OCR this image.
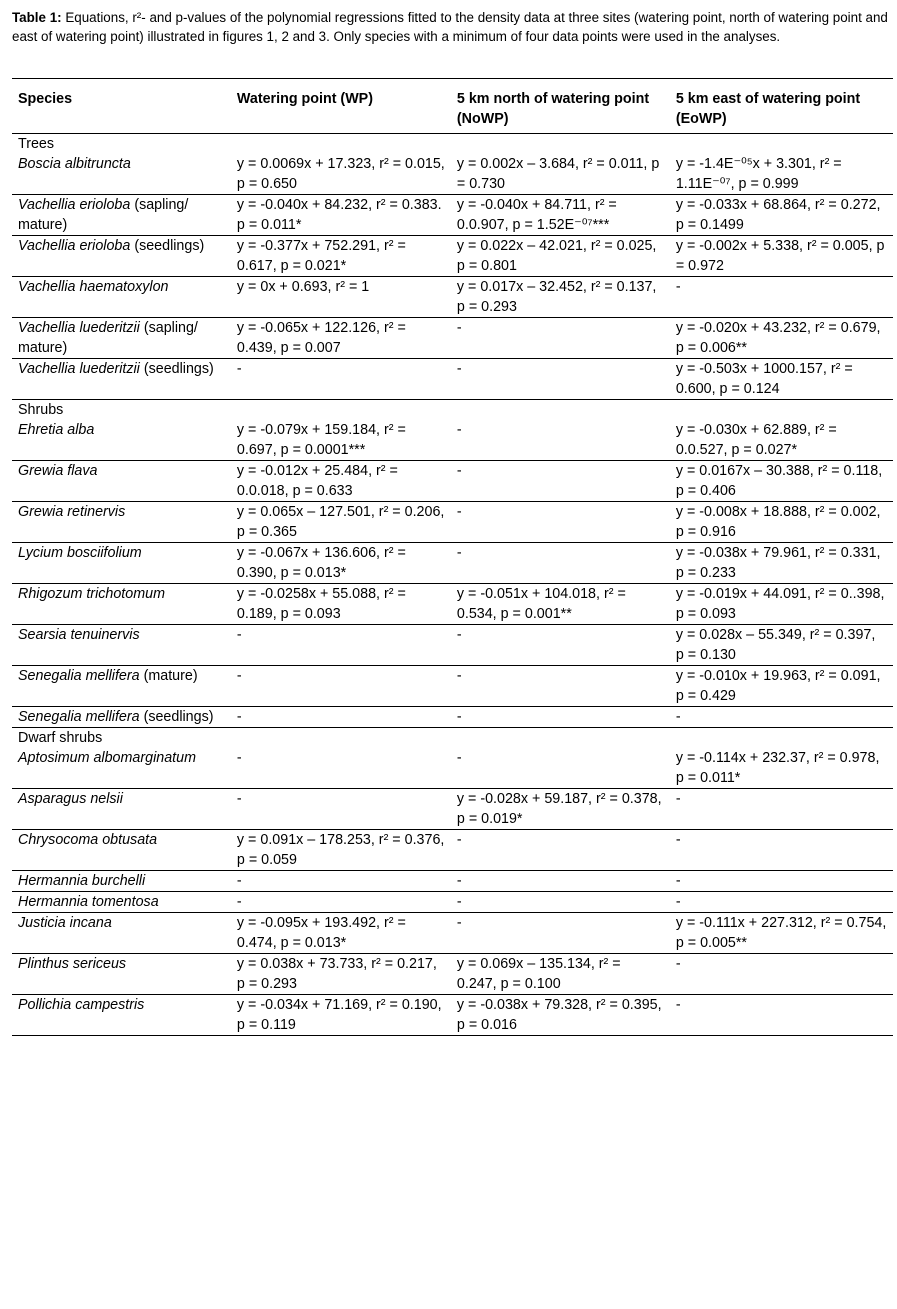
Table 1: Equations, r²- and p-values of the polynomial regressions fitted to the density data at three sites (watering point, north of watering point and east of watering point) illustrated in figures 1, 2 and 3. Only species with a minimum of four data points were used in the analyses.
Species	Watering point (WP)	5 km north of watering point (NoWP)	5 km east of watering point (EoWP)
Trees			
Boscia albitruncta	y = 0.0069x + 17.323, r² = 0.015, p = 0.650	y = 0.002x – 3.684, r² = 0.011, p = 0.730	y = -1.4E⁻⁰⁵x + 3.301, r² = 1.11E⁻⁰⁷, p = 0.999
Vachellia erioloba (sapling/ mature)	y = -0.040x + 84.232, r² = 0.383. p = 0.011*	y = -0.040x + 84.711, r² = 0.0.907, p = 1.52E⁻⁰⁷***	y = -0.033x + 68.864, r² = 0.272, p = 0.1499
Vachellia erioloba (seedlings)	y = -0.377x + 752.291, r² = 0.617, p = 0.021*	y = 0.022x – 42.021, r² = 0.025, p = 0.801	y = -0.002x + 5.338, r² = 0.005, p = 0.972
Vachellia haematoxylon	y = 0x + 0.693, r² = 1	y = 0.017x – 32.452, r² = 0.137, p = 0.293	-
Vachellia luederitzii (sapling/ mature)	y = -0.065x + 122.126, r² = 0.439, p = 0.007	-	y = -0.020x + 43.232, r² = 0.679, p = 0.006**
Vachellia luederitzii (seedlings)	-	-	y = -0.503x + 1000.157, r² = 0.600, p = 0.124
Shrubs			
Ehretia alba	y = -0.079x + 159.184, r² = 0.697, p = 0.0001***	-	y = -0.030x + 62.889, r² = 0.0.527, p = 0.027*
Grewia flava	y = -0.012x + 25.484, r² = 0.0.018, p = 0.633	-	y = 0.0167x – 30.388, r² = 0.118, p = 0.406
Grewia retinervis	y = 0.065x – 127.501, r² = 0.206, p = 0.365	-	y = -0.008x + 18.888, r² = 0.002, p = 0.916
Lycium bosciifolium	y = -0.067x + 136.606, r² = 0.390, p = 0.013*	-	y = -0.038x + 79.961, r² = 0.331, p = 0.233
Rhigozum trichotomum	y = -0.0258x + 55.088, r² = 0.189, p = 0.093	y = -0.051x + 104.018, r² = 0.534, p = 0.001**	y = -0.019x + 44.091, r² = 0..398, p = 0.093
Searsia tenuinervis	-	-	y = 0.028x – 55.349, r² = 0.397, p = 0.130
Senegalia mellifera (mature)	-	-	y = -0.010x + 19.963, r² = 0.091, p = 0.429
Senegalia mellifera (seedlings)	-	-	-
Dwarf shrubs			
Aptosimum albomarginatum	-	-	y = -0.114x + 232.37, r² = 0.978, p = 0.011*
Asparagus nelsii	-	y = -0.028x + 59.187, r² = 0.378, p = 0.019*	-
Chrysocoma obtusata	y = 0.091x – 178.253, r² = 0.376, p = 0.059	-	-
Hermannia burchelli	-	-	-
Hermannia tomentosa	-	-	-
Justicia incana	y = -0.095x + 193.492, r² = 0.474, p = 0.013*	-	y = -0.111x + 227.312, r² = 0.754, p = 0.005**
Plinthus sericeus	y = 0.038x + 73.733, r² = 0.217, p = 0.293	y = 0.069x – 135.134, r² = 0.247, p = 0.100	-
Pollichia campestris	y = -0.034x + 71.169, r² = 0.190, p = 0.119	y = -0.038x + 79.328, r² = 0.395, p = 0.016	-
